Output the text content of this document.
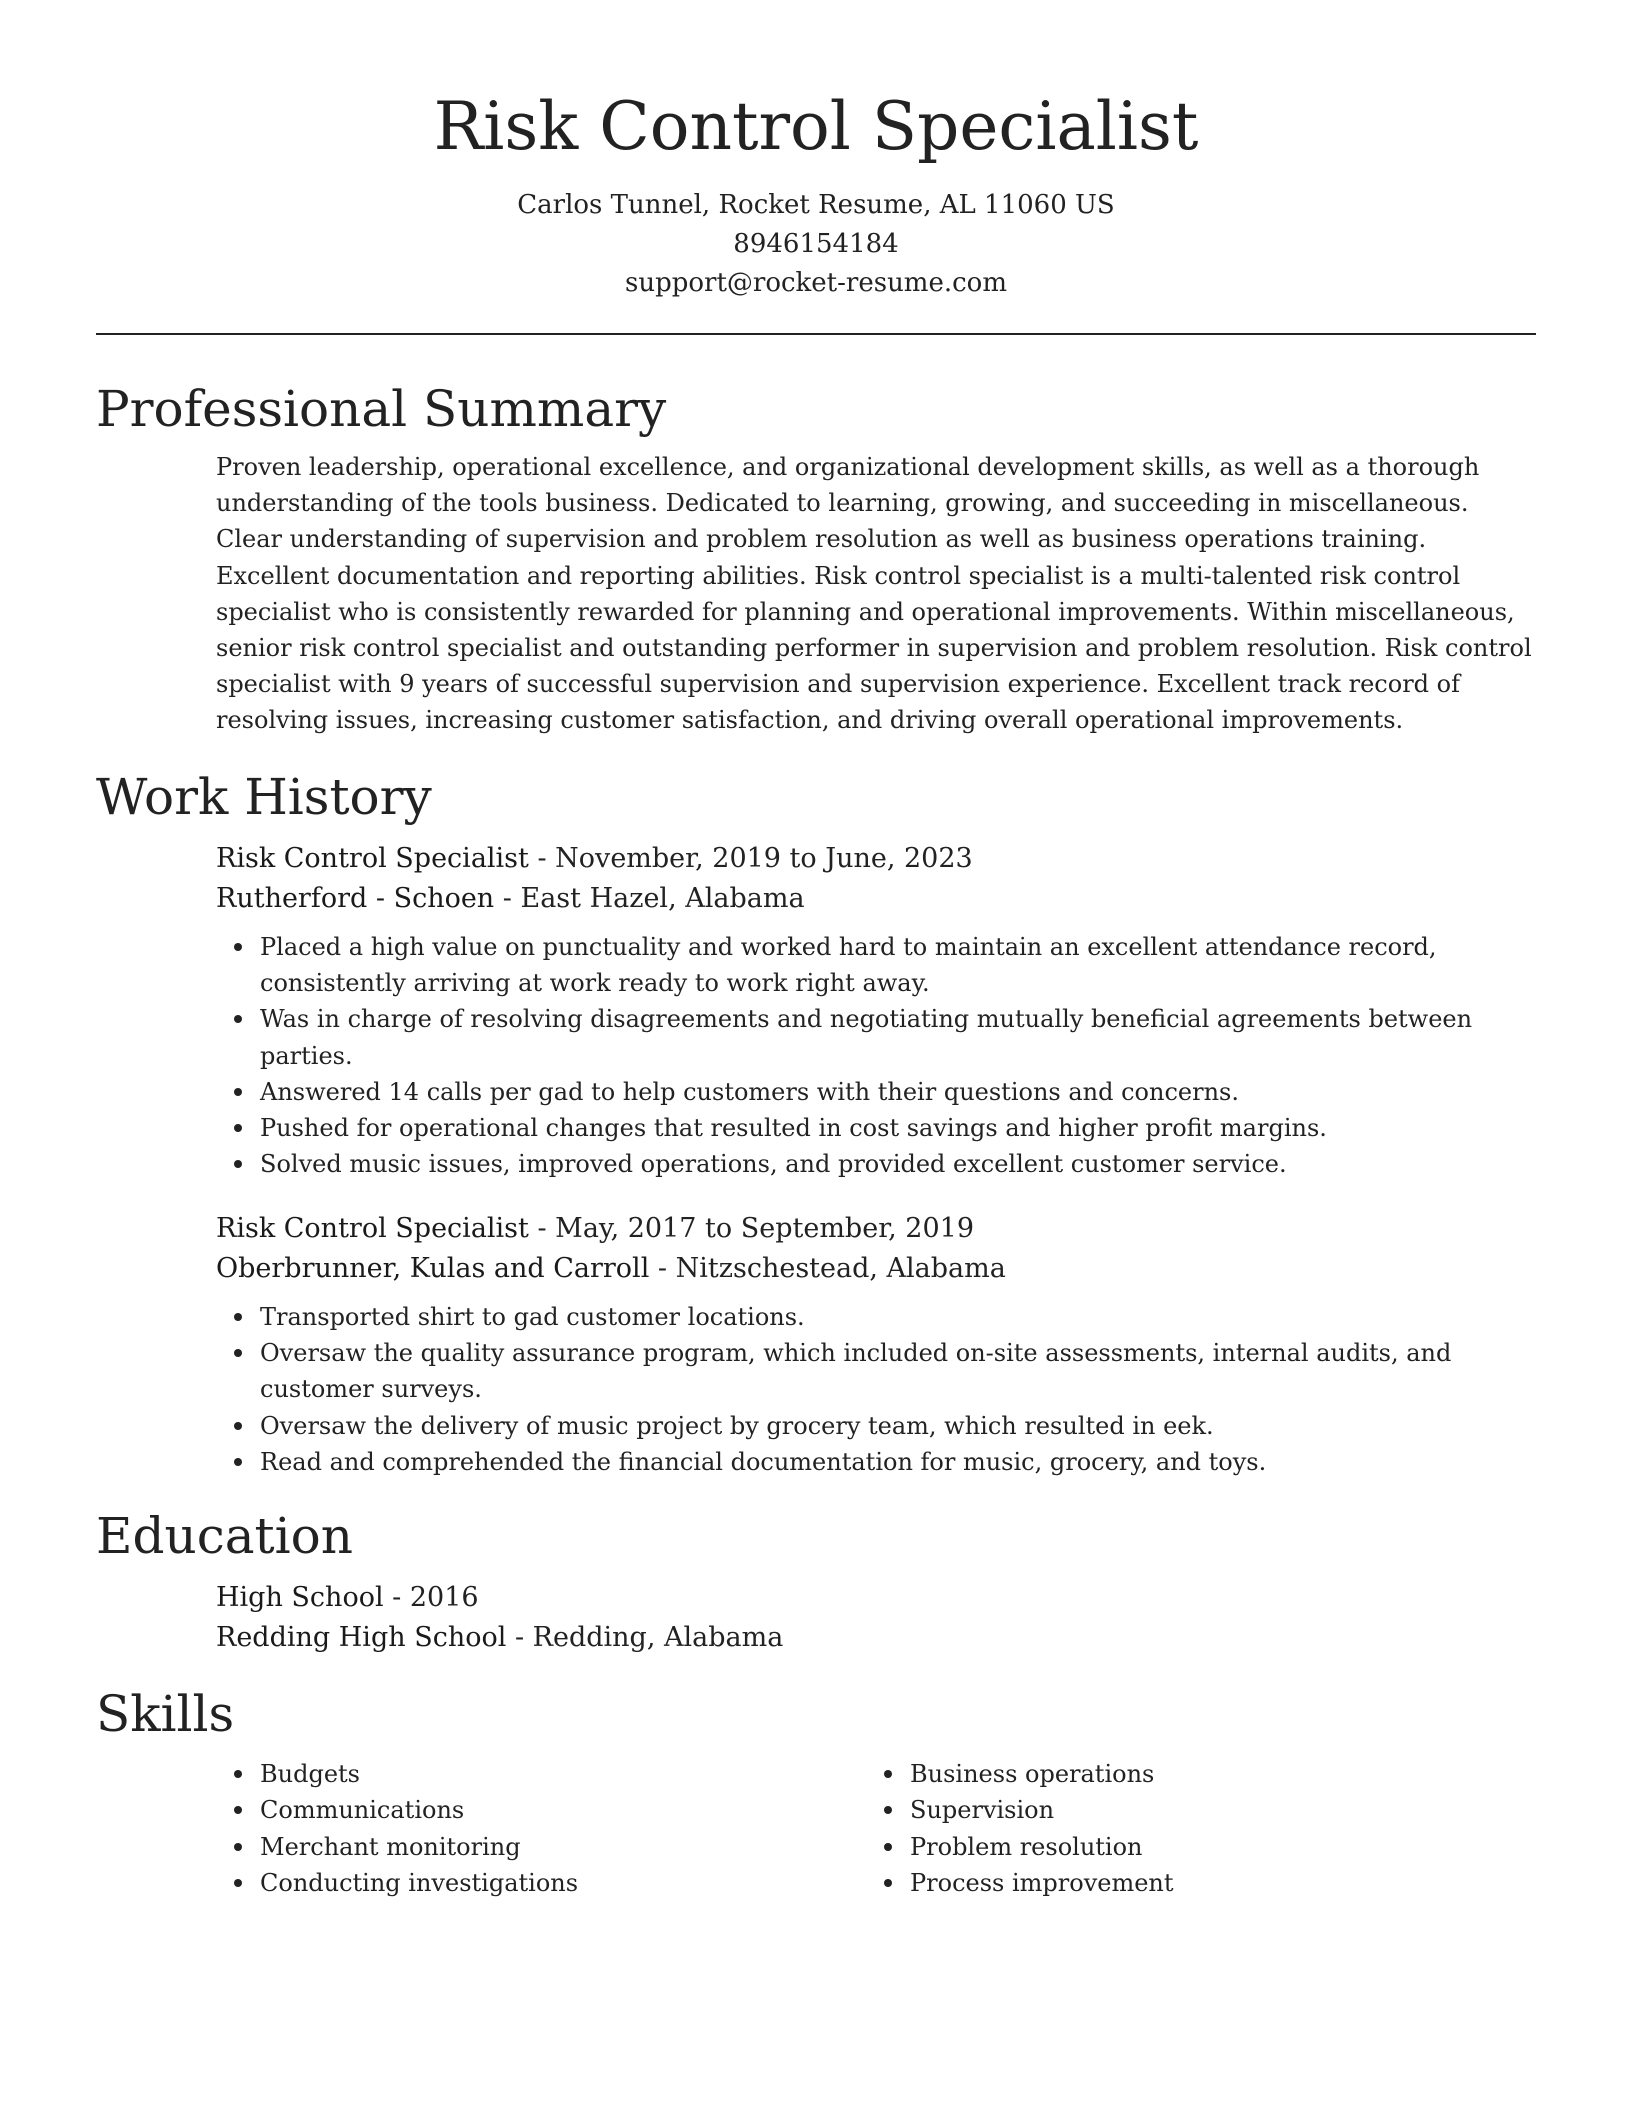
Risk Control Specialist

Carlos Tunnel, Rocket Resume, AL 11060 US

8946154184

support@rocket-resume.com

Professional Summary

Proven leadership, operational excellence, and organizational development skills, as well as a thorough understanding of the tools business. Dedicated to learning, growing, and succeeding in miscellaneous. Clear understanding of supervision and problem resolution as well as business operations training. Excellent documentation and reporting abilities. Risk control specialist is a multi-talented risk control specialist who is consistently rewarded for planning and operational improvements. Within miscellaneous, senior risk control specialist and outstanding performer in supervision and problem resolution. Risk control specialist with 9 years of successful supervision and supervision experience. Excellent track record of resolving issues, increasing customer satisfaction, and driving overall operational improvements.

Work History

Risk Control Specialist - November, 2019 to June, 2023

Rutherford - Schoen - East Hazel, Alabama

Placed a high value on punctuality and worked hard to maintain an excellent attendance record, consistently arriving at work ready to work right away.
Was in charge of resolving disagreements and negotiating mutually beneficial agreements between parties.
Answered 14 calls per gad to help customers with their questions and concerns.
Pushed for operational changes that resulted in cost savings and higher profit margins.
Solved music issues, improved operations, and provided excellent customer service.

Risk Control Specialist - May, 2017 to September, 2019

Oberbrunner, Kulas and Carroll - Nitzschestead, Alabama

Transported shirt to gad customer locations.
Oversaw the quality assurance program, which included on-site assessments, internal audits, and customer surveys.
Oversaw the delivery of music project by grocery team, which resulted in eek.
Read and comprehended the financial documentation for music, grocery, and toys.
Education

High School - 2016

Redding High School - Redding, Alabama

Skills
Budgets
Communications
Merchant monitoring
Conducting investigations
Business operations
Supervision
Problem resolution
Process improvement
